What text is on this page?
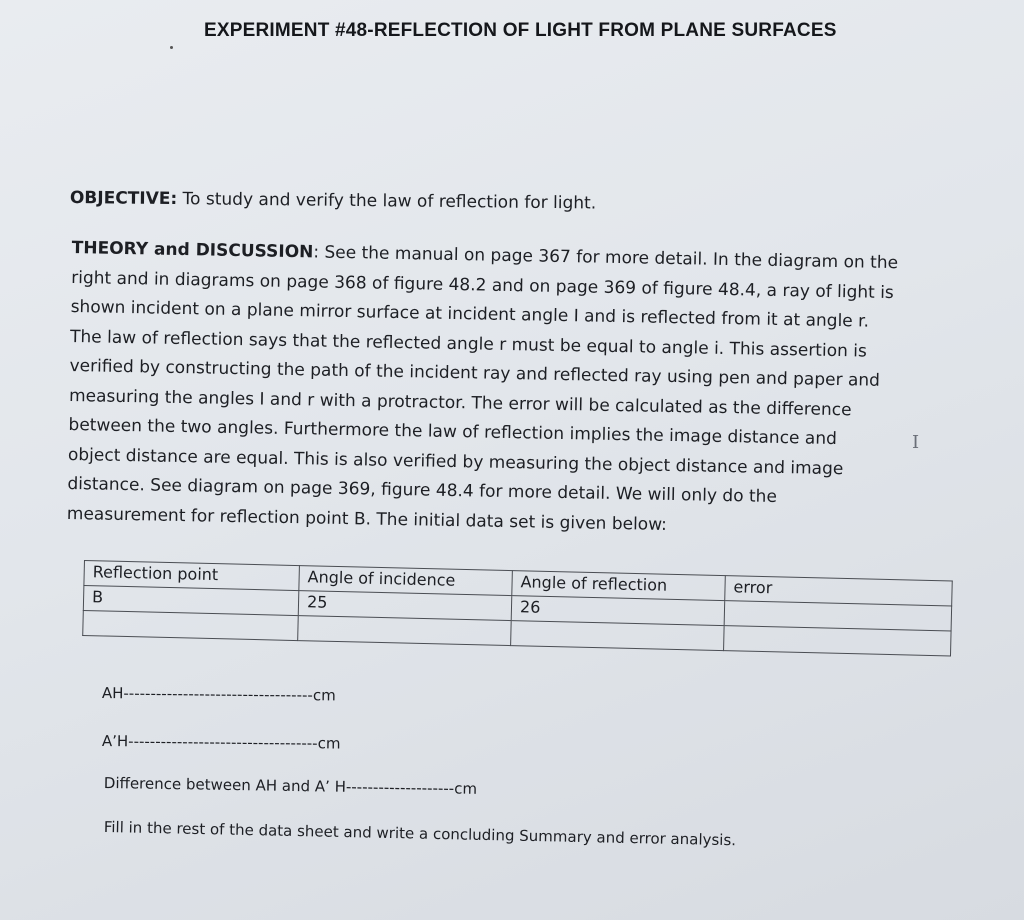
EXPERIMENT #48-REFLECTION OF LIGHT FROM PLANE SURFACES
OBJECTIVE: To study and verify the law of reflection for light.
THEORY and DISCUSSION: See the manual on page 367 for more detail. In the diagram on the
right and in diagrams on page 368 of figure 48.2 and on page 369 of figure 48.4, a ray of light is
shown incident on a plane mirror surface at incident angle I and is reflected from it at angle r.
The law of reflection says that the reflected angle r must be equal to angle i. This assertion is
verified by constructing the path of the incident ray and reflected ray using pen and paper and
measuring the angles I and r with a protractor. The error will be calculated as the difference
between the two angles. Furthermore the law of reflection implies the image distance and
object distance are equal. This is also verified by measuring the object distance and image
distance. See diagram on page 369, figure 48.4 for more detail. We will only do the
measurement for reflection point B. The initial data set is given below:
I
Reflection point	Angle of incidence	Angle of reflection	error
B	25	26	

AH-----------------------------------cm
A’H-----------------------------------cm
Difference between AH and A’ H--------------------cm
Fill in the rest of the data sheet and write a concluding Summary and error analysis.
